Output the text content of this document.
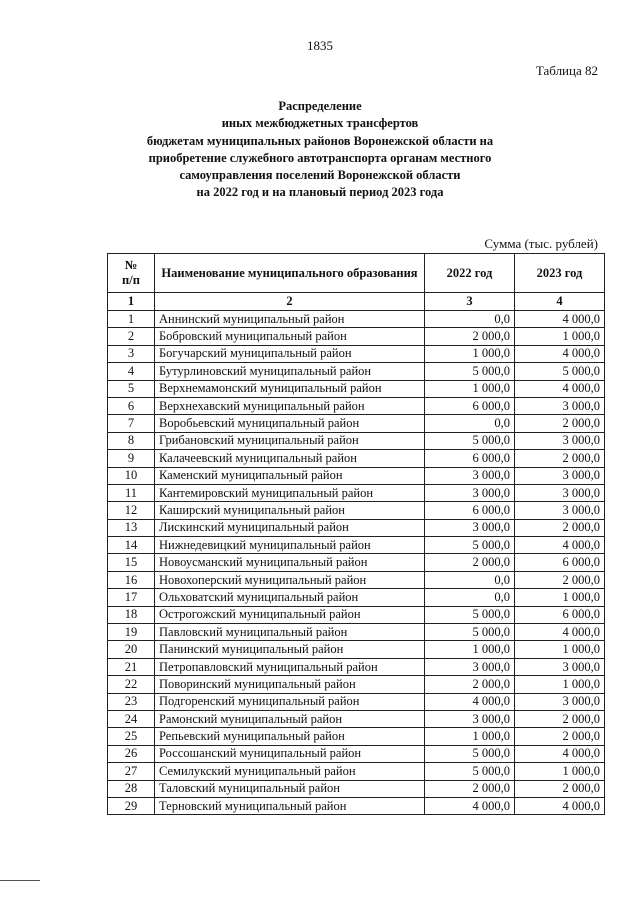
1835
Таблица 82
Распределение
иных межбюджетных трансфертов
бюджетам муниципальных районов Воронежской области на
приобретение служебного автотранспорта органам местного
самоуправления поселений Воронежской области
на 2022 год и на плановый период 2023 года
Сумма (тыс. рублей)
№
п/п	Наименование муниципального образования	2022 год	2023 год
1	2	3	4
1	Аннинский муниципальный район	0,0	4 000,0
2	Бобровский муниципальный район	2 000,0	1 000,0
3	Богучарский муниципальный район	1 000,0	4 000,0
4	Бутурлиновский муниципальный район	5 000,0	5 000,0
5	Верхнемамонский муниципальный район	1 000,0	4 000,0
6	Верхнехавский муниципальный район	6 000,0	3 000,0
7	Воробьевский муниципальный район	0,0	2 000,0
8	Грибановский муниципальный район	5 000,0	3 000,0
9	Калачеевский муниципальный район	6 000,0	2 000,0
10	Каменский муниципальный район	3 000,0	3 000,0
11	Кантемировский муниципальный район	3 000,0	3 000,0
12	Каширский муниципальный район	6 000,0	3 000,0
13	Лискинский муниципальный район	3 000,0	2 000,0
14	Нижнедевицкий муниципальный район	5 000,0	4 000,0
15	Новоусманский муниципальный район	2 000,0	6 000,0
16	Новохоперский муниципальный район	0,0	2 000,0
17	Ольховатский муниципальный район	0,0	1 000,0
18	Острогожский муниципальный район	5 000,0	6 000,0
19	Павловский муниципальный район	5 000,0	4 000,0
20	Панинский муниципальный район	1 000,0	1 000,0
21	Петропавловский муниципальный район	3 000,0	3 000,0
22	Поворинский муниципальный район	2 000,0	1 000,0
23	Подгоренский муниципальный район	4 000,0	3 000,0
24	Рамонский муниципальный район	3 000,0	2 000,0
25	Репьевский муниципальный район	1 000,0	2 000,0
26	Россошанский муниципальный район	5 000,0	4 000,0
27	Семилукский муниципальный район	5 000,0	1 000,0
28	Таловский муниципальный район	2 000,0	2 000,0
29	Терновский муниципальный район	4 000,0	4 000,0
